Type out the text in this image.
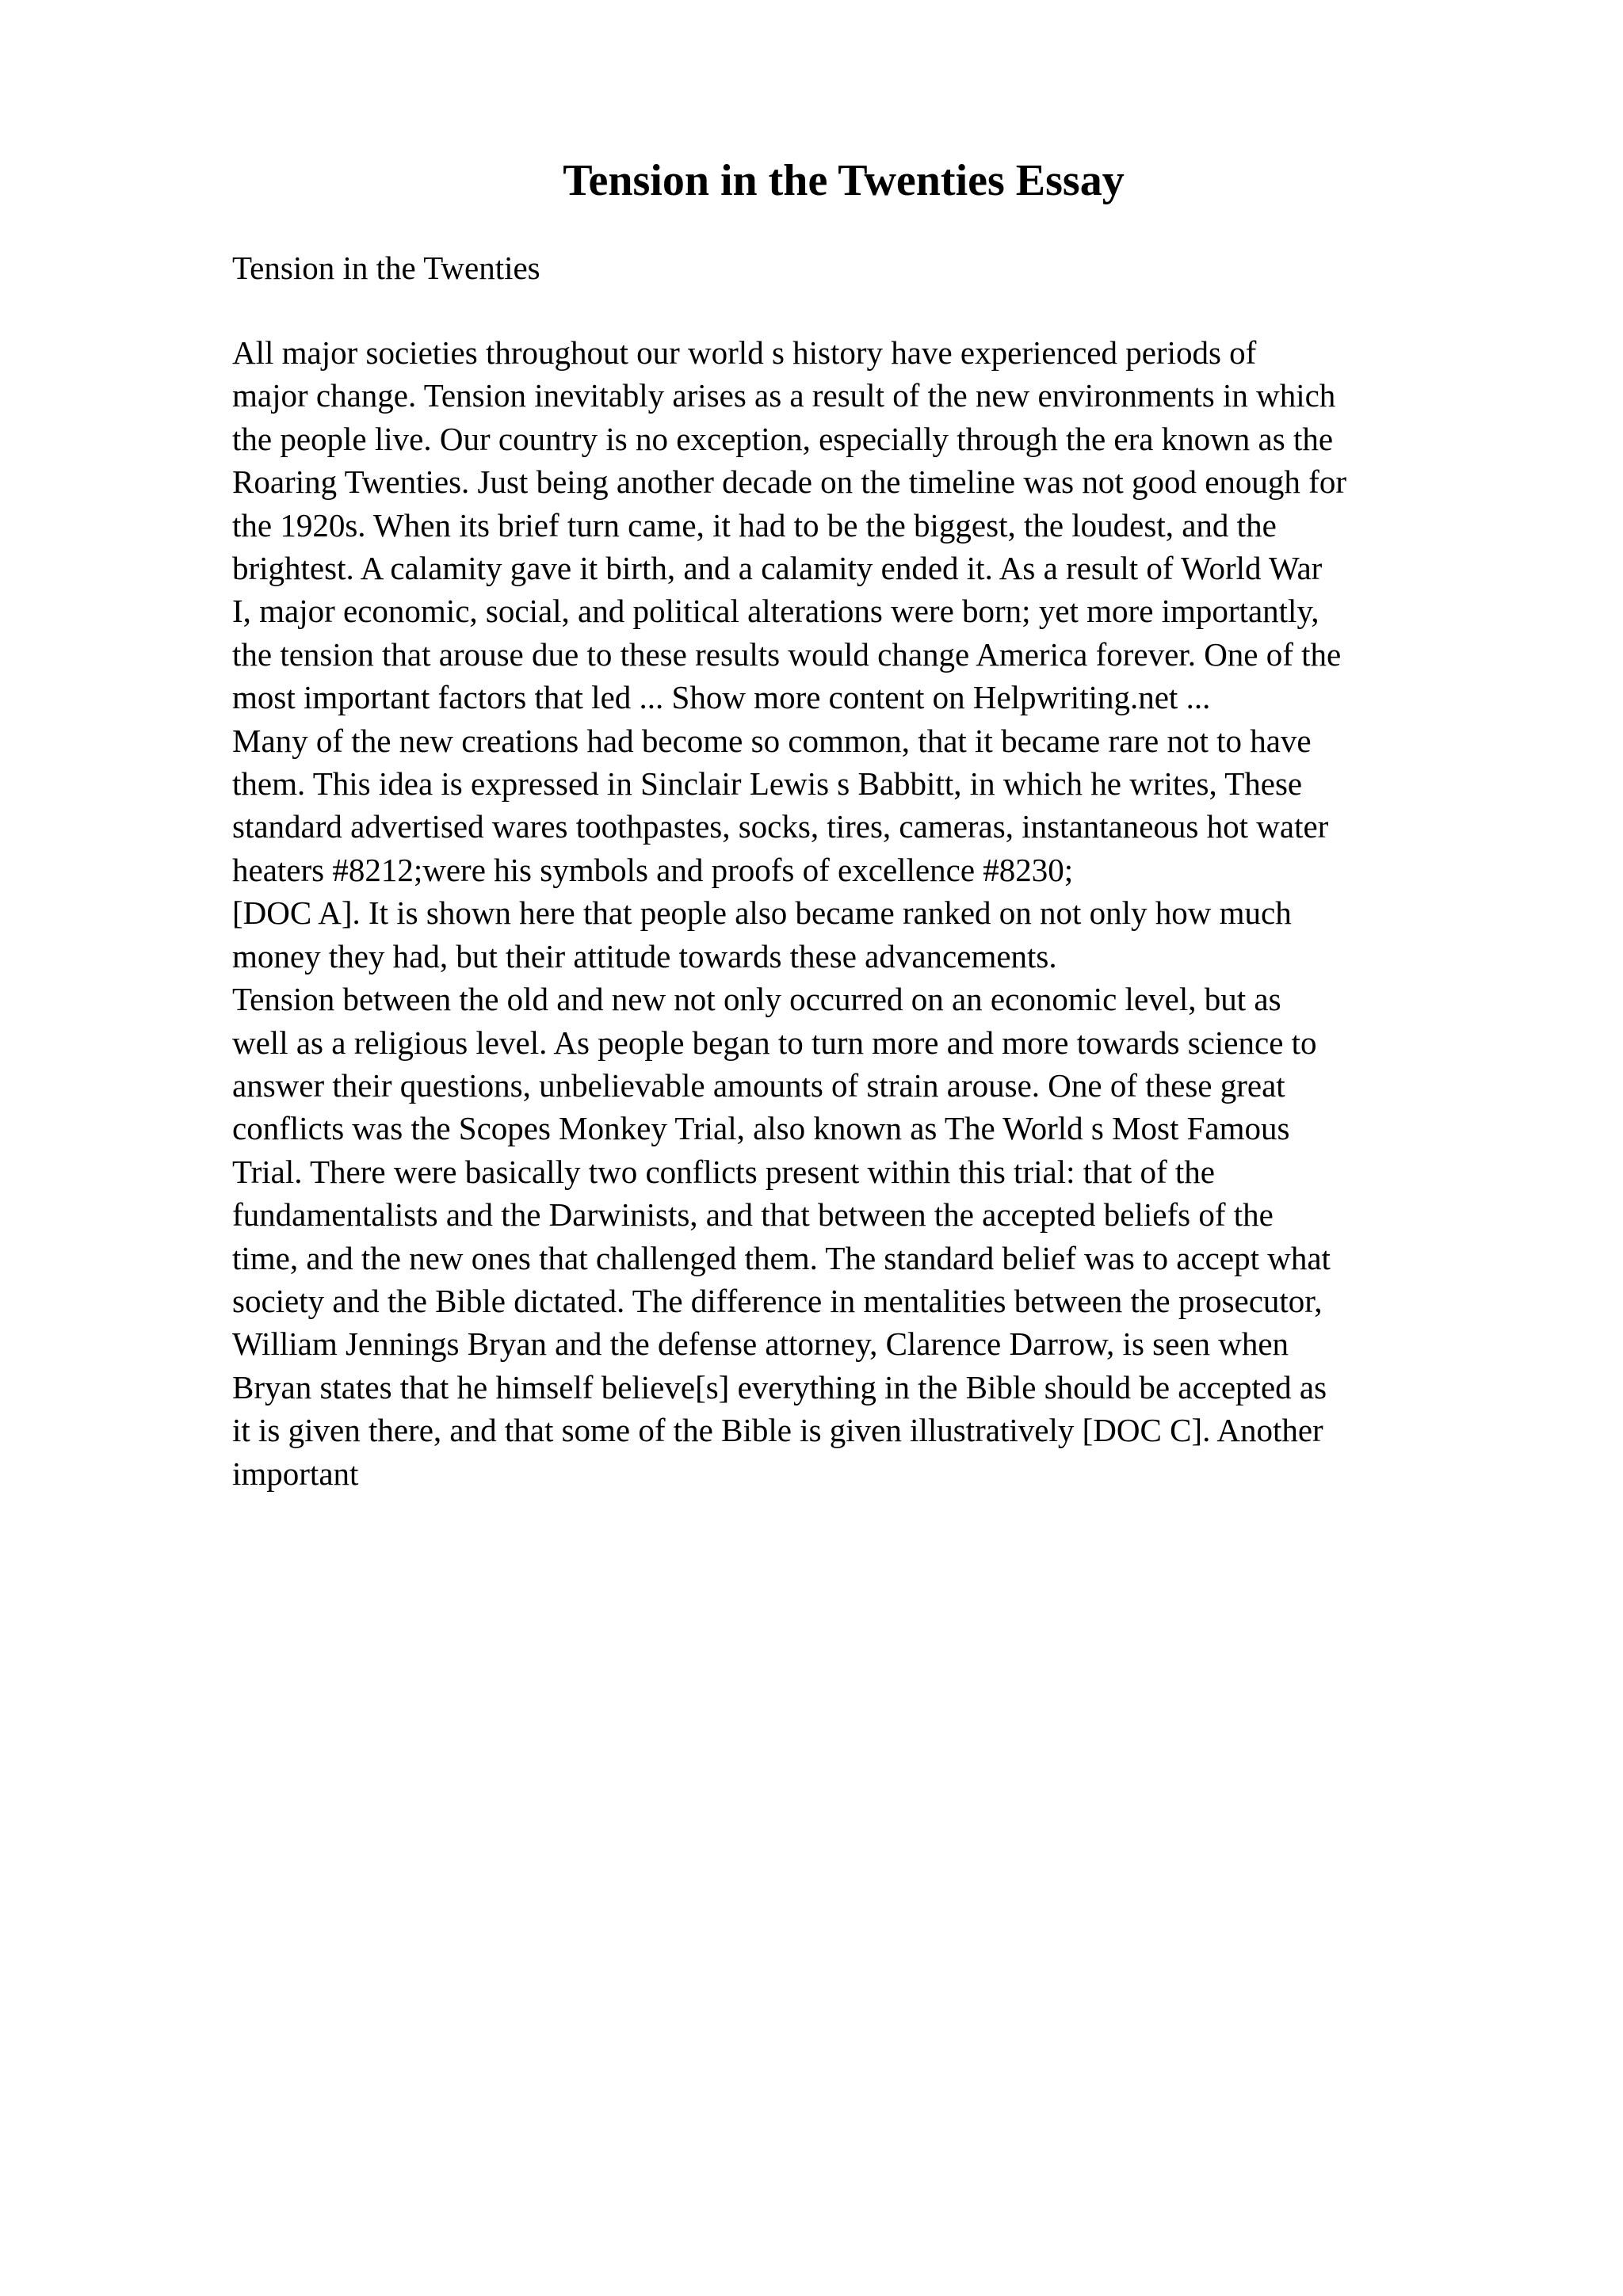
Tension in the Twenties Essay

Tension in the Twenties

All major societies throughout our world s history have experienced periods of
major change. Tension inevitably arises as a result of the new environments in which
the people live. Our country is no exception, especially through the era known as the
Roaring Twenties. Just being another decade on the timeline was not good enough for
the 1920s. When its brief turn came, it had to be the biggest, the loudest, and the
brightest. A calamity gave it birth, and a calamity ended it. As a result of World War
I, major economic, social, and political alterations were born; yet more importantly,
the tension that arouse due to these results would change America forever. One of the
most important factors that led ... Show more content on Helpwriting.net ...

Many of the new creations had become so common, that it became rare not to have
them. This idea is expressed in Sinclair Lewis s Babbitt, in which he writes, These
standard advertised wares toothpastes, socks, tires, cameras, instantaneous hot water
heaters #8212;were his symbols and proofs of excellence #8230;

[DOC A]. It is shown here that people also became ranked on not only how much
money they had, but their attitude towards these advancements.

Tension between the old and new not only occurred on an economic level, but as
well as a religious level. As people began to turn more and more towards science to
answer their questions, unbelievable amounts of strain arouse. One of these great
conflicts was the Scopes Monkey Trial, also known as The World s Most Famous
Trial. There were basically two conflicts present within this trial: that of the
fundamentalists and the Darwinists, and that between the accepted beliefs of the
time, and the new ones that challenged them. The standard belief was to accept what
society and the Bible dictated. The difference in mentalities between the prosecutor,
William Jennings Bryan and the defense attorney, Clarence Darrow, is seen when
Bryan states that he himself believe[s] everything in the Bible should be accepted as
it is given there, and that some of the Bible is given illustratively [DOC C]. Another
important
